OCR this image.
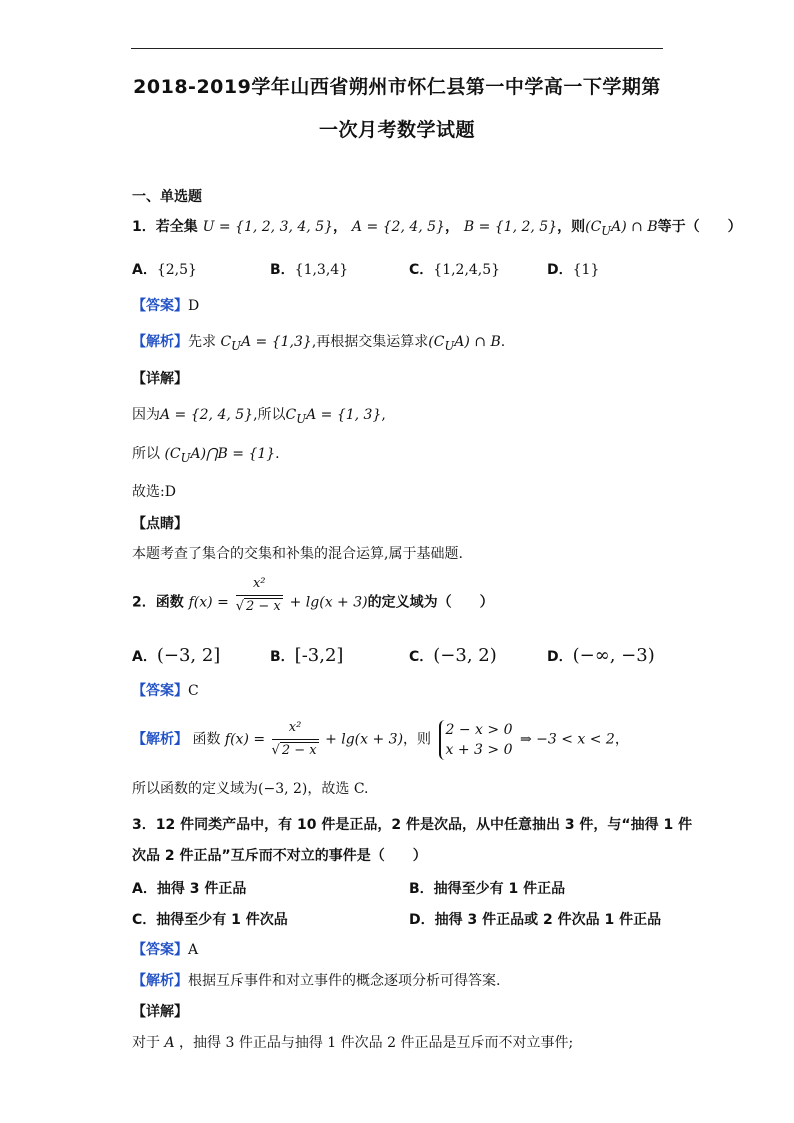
2018-2019学年山西省朔州市怀仁县第一中学高一下学期第
一次月考数学试题
一、单选题
1．若全集 U = {1, 2, 3, 4, 5}， A = {2, 4, 5}， B = {1, 2, 5}，则$(C_UA)$ ∩ B等于（　　）
A．{2,5}	B．{1,3,4}	C．{1,2,4,5}	D．{1}
【答案】D
【解析】先求 $C_UA = \{1,3\}$,再根据交集运算求$(C_UA)$ ∩ B.
【详解】
因为A = {2, 4, 5},所以$C_UA = \{1$, 3},
所以 $(C_UA)⋂B = \{1\}$.
故选:D
【点睛】
本题考查了集合的交集和补集的混合运算,属于基础题.
2．函数 $f(x) = \frac{\text{x²}}{√ 2 - x} + \lg(x + 3)$的定义域为（　　）
A．(−3, 2]	B．[-3,2]	C．(−3, 2)	D．(−∞, −3)
【答案】C
【解析】 函数 $f(x) = \frac{\text{x²}}{√ 2 - x} + \lg(x + 3)$，则
2 − x > 0
x + 3 > 0
⇒ −3 < x < 2，
所以函数的定义域为(−3, 2)，故选 C.
3．12 件同类产品中，有 10 件是正品，2 件是次品，从中任意抽出 3 件，与“抽得 1 件
次品 2 件正品”互斥而不对立的事件是（　　）
A．抽得 3 件正品	B．抽得至少有 1 件正品
C．抽得至少有 1 件次品	D．抽得 3 件正品或 2 件次品 1 件正品
【答案】A
【解析】根据互斥事件和对立事件的概念逐项分析可得答案.
【详解】
对于 A ，抽得 3 件正品与抽得 1 件次品 2 件正品是互斥而不对立事件;
